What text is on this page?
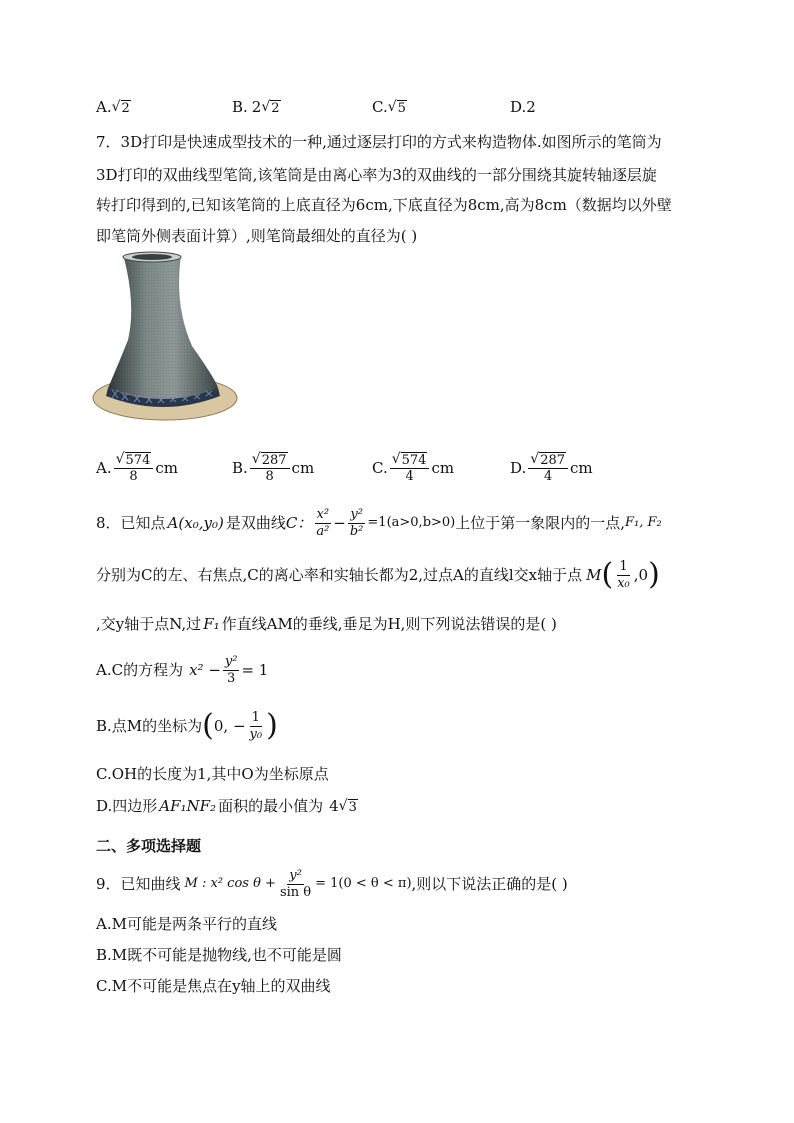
A. √ 2	B. 2 √ 2	C. √ 5	D.2
7．3D打印是快速成型技术的一种,通过逐层打印的方式来构造物体.如图所示的笔筒为
3D打印的双曲线型笔筒,该笔筒是由离心率为3的双曲线的一部分围绕其旋转轴逐层旋
转打印得到的,已知该笔筒的上底直径为6cm,下底直径为8cm,高为8cm（数据均以外壁
即笔筒外侧表面计算）,则笔筒最细处的直径为( )
A. $\frac{√ 574}{8}$ cm	B. $\frac{√ 287}{8}$ cm	C. $\frac{√ 574}{4}$ cm	D. $\frac{√ 287}{4}$ cm
8．已知点 A(x₀,y₀) 是双曲线 C： $\frac{\text{x²}}{\text{a²}} - \frac{\text{y²}}{\text{b²}} =1(a>0,b>0)$ 上位于第一象限内的一点, F₁, F₂
分别为C的左、右焦点,C的离心率和实轴长都为2,过点A的直线l交x轴于点 M ( $\frac{1}{\text{x₀}} ,0$ )
,交y轴于点N,过 F₁ 作直线AM的垂线,垂足为H,则下列说法错误的是( )
A.C的方程为 $x^2 - \frac{\text{y²}}{3} = 1$
B.点M的坐标为 ( 0, − $\frac{1}{\text{y₀}}$ )
C.OH的长度为1,其中O为坐标原点
D.四边形 AF₁NF₂ 面积的最小值为 4 √ 3
二、多项选择题
9．已知曲线 M : x² $\cos \theta + \frac{\text{y²}}{\text{sin θ}} = 1(0 < \theta < \pi)$ ,则以下说法正确的是( )
A.M可能是两条平行的直线
B.M既不可能是抛物线,也不可能是圆
C.M不可能是焦点在y轴上的双曲线
